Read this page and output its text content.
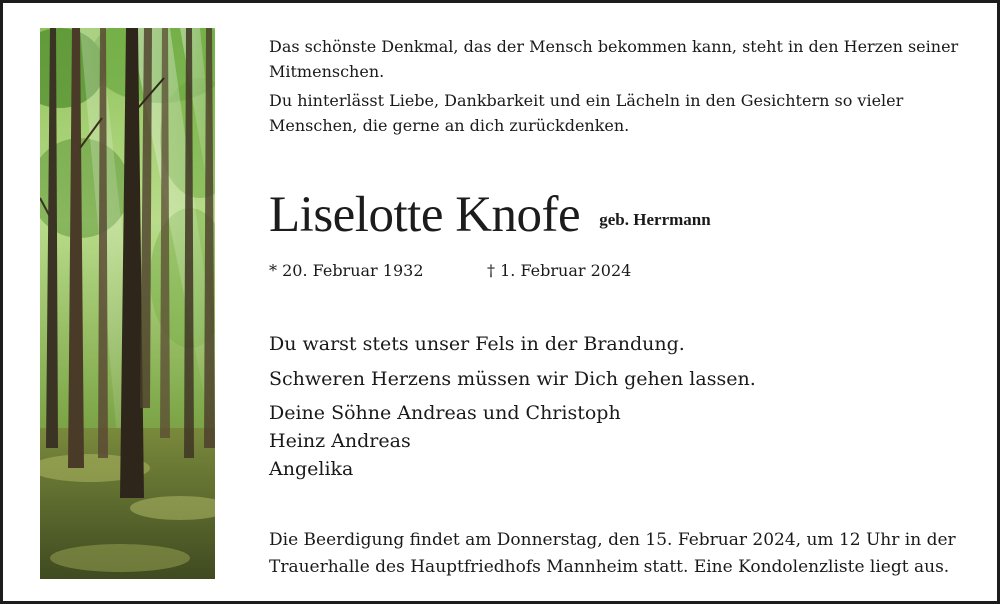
Das schönste Denkmal, das der Mensch bekommen kann, steht in den Herzen seiner Mitmenschen.

Du hinterlässt Liebe, Dankbarkeit und ein Lächeln in den Gesichtern so vieler Menschen, die gerne an dich zurückdenken.

Liselotte Knofe geb. Herrmann
* 20. Februar 1932	† 1. Februar 2024

Du warst stets unser Fels in der Brandung.

Schweren Herzens müssen wir Dich gehen lassen.

Deine Söhne Andreas und Christoph

Heinz Andreas

Angelika

Die Beerdigung findet am Donnerstag, den 15. Februar 2024, um 12 Uhr in der Trauerhalle des Hauptfriedhofs Mannheim statt. Eine Kondolenzliste liegt aus.
